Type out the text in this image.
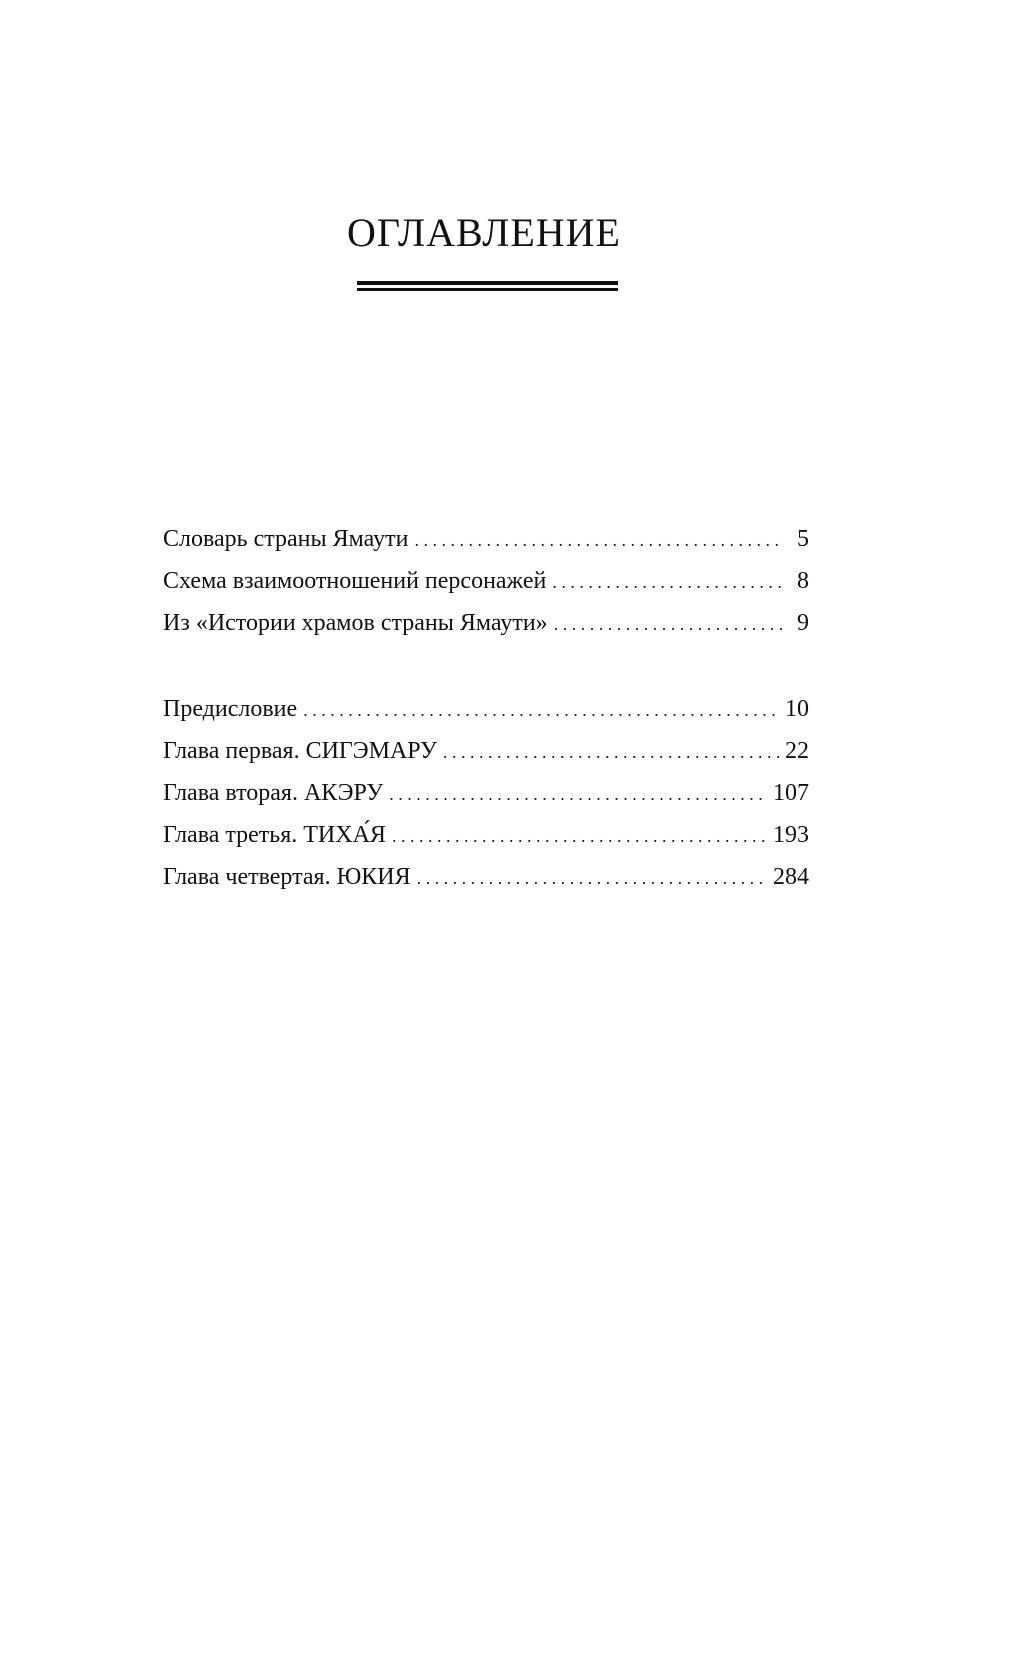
ОГЛАВЛЕНИЕ
Словарь страны Ямаути . . .	5
Схема взаимоотношений персонажей . . .	8
Из «Истории храмов страны Ямаути» . . .	9
Предисловие . . .	10
Глава первая. СИГЭМАРУ . . .	22
Глава вторая. АКЭРУ . . .	107
Глава третья. ТИХА́Я . . .	193
Глава четвертая. ЮКИЯ . . .	284
